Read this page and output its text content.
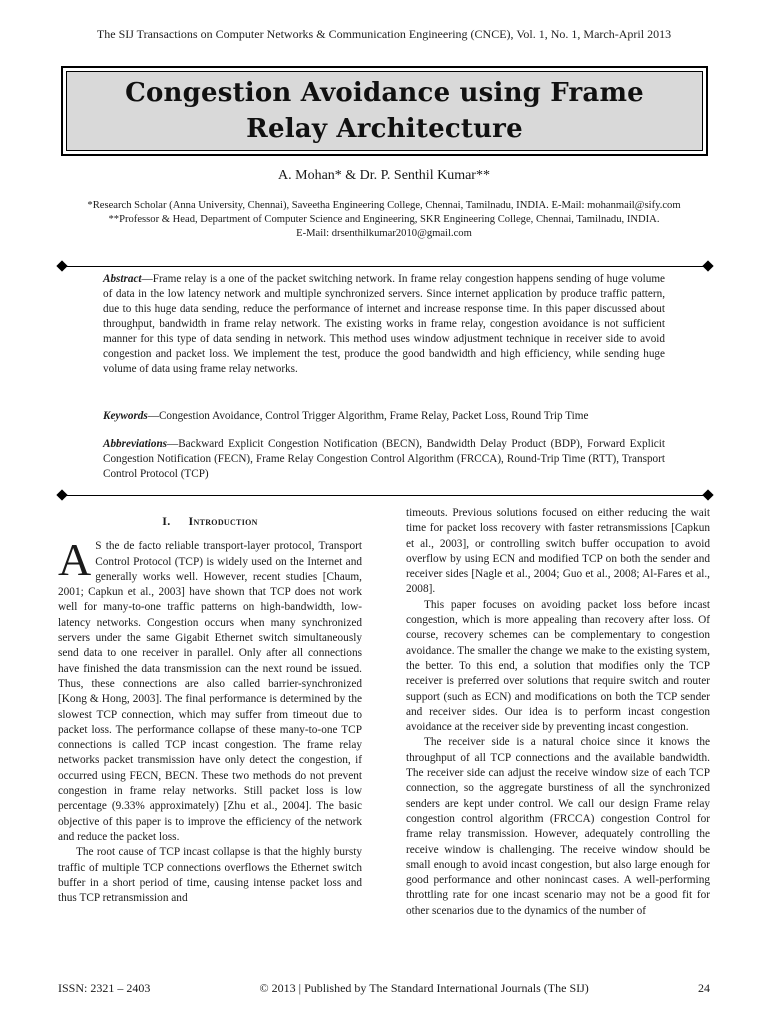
The SIJ Transactions on Computer Networks & Communication Engineering (CNCE), Vol. 1, No. 1, March-April 2013
Congestion Avoidance using Frame
Relay Architecture
A. Mohan* & Dr. P. Senthil Kumar**
*Research Scholar (Anna University, Chennai), Saveetha Engineering College, Chennai, Tamilnadu, INDIA. E-Mail: mohanmail@sify.com
**Professor & Head, Department of Computer Science and Engineering, SKR Engineering College, Chennai, Tamilnadu, INDIA.
E-Mail: drsenthilkumar2010@gmail.com
Abstract—Frame relay is a one of the packet switching network. In frame relay congestion happens sending of huge volume of data in the low latency network and multiple synchronized servers. Since internet application by produce traffic pattern, due to this huge data sending, reduce the performance of internet and increase response time. In this paper discussed about throughput, bandwidth in frame relay network. The existing works in frame relay, congestion avoidance is not sufficient manner for this type of data sending in network. This method uses window adjustment technique in receiver side to avoid congestion and packet loss. We implement the test, produce the good bandwidth and high efficiency, while sending huge volume of data using frame relay networks.
Keywords—Congestion Avoidance, Control Trigger Algorithm, Frame Relay, Packet Loss, Round Trip Time
Abbreviations—Backward Explicit Congestion Notification (BECN), Bandwidth Delay Product (BDP), Forward Explicit Congestion Notification (FECN), Frame Relay Congestion Control Algorithm (FRCCA), Round-Trip Time (RTT), Transport Control Protocol (TCP)
I. Introduction

A S the de facto reliable transport-layer protocol, Transport Control Protocol (TCP) is widely used on the Internet and generally works well. However, recent studies [Chaum, 2001; Capkun et al., 2003] have shown that TCP does not work well for many-to-one traffic patterns on high-bandwidth, low-latency networks. Congestion occurs when many synchronized servers under the same Gigabit Ethernet switch simultaneously send data to one receiver in parallel. Only after all connections have finished the data transmission can the next round be issued. Thus, these connections are also called barrier-synchronized [Kong & Hong, 2003]. The final performance is determined by the slowest TCP connection, which may suffer from timeout due to packet loss. The performance collapse of these many-to-one TCP connections is called TCP incast congestion. The frame relay networks packet transmission have only detect the congestion, if occurred using FECN, BECN. These two methods do not prevent congestion in frame relay networks. Still packet loss is low percentage (9.33% approximately) [Zhu et al., 2004]. The basic objective of this paper is to improve the efficiency of the network and reduce the packet loss.

The root cause of TCP incast collapse is that the highly bursty traffic of multiple TCP connections overflows the Ethernet switch buffer in a short period of time, causing intense packet loss and thus TCP retransmission and

timeouts. Previous solutions focused on either reducing the wait time for packet loss recovery with faster retransmissions [Capkun et al., 2003], or controlling switch buffer occupation to avoid overflow by using ECN and modified TCP on both the sender and receiver sides [Nagle et al., 2004; Guo et al., 2008; Al-Fares et al., 2008].

This paper focuses on avoiding packet loss before incast congestion, which is more appealing than recovery after loss. Of course, recovery schemes can be complementary to congestion avoidance. The smaller the change we make to the existing system, the better. To this end, a solution that modifies only the TCP receiver is preferred over solutions that require switch and router support (such as ECN) and modifications on both the TCP sender and receiver sides. Our idea is to perform incast congestion avoidance at the receiver side by preventing incast congestion.

The receiver side is a natural choice since it knows the throughput of all TCP connections and the available bandwidth. The receiver side can adjust the receive window size of each TCP connection, so the aggregate burstiness of all the synchronized senders are kept under control. We call our design Frame relay congestion control algorithm (FRCCA) congestion Control for frame relay transmission. However, adequately controlling the receive window is challenging. The receive window should be small enough to avoid incast congestion, but also large enough for good performance and other nonincast cases. A well-performing throttling rate for one incast scenario may not be a good fit for other scenarios due to the dynamics of the number of

ISSN: 2321 – 2403	© 2013 | Published by The Standard International Journals (The SIJ)	24
